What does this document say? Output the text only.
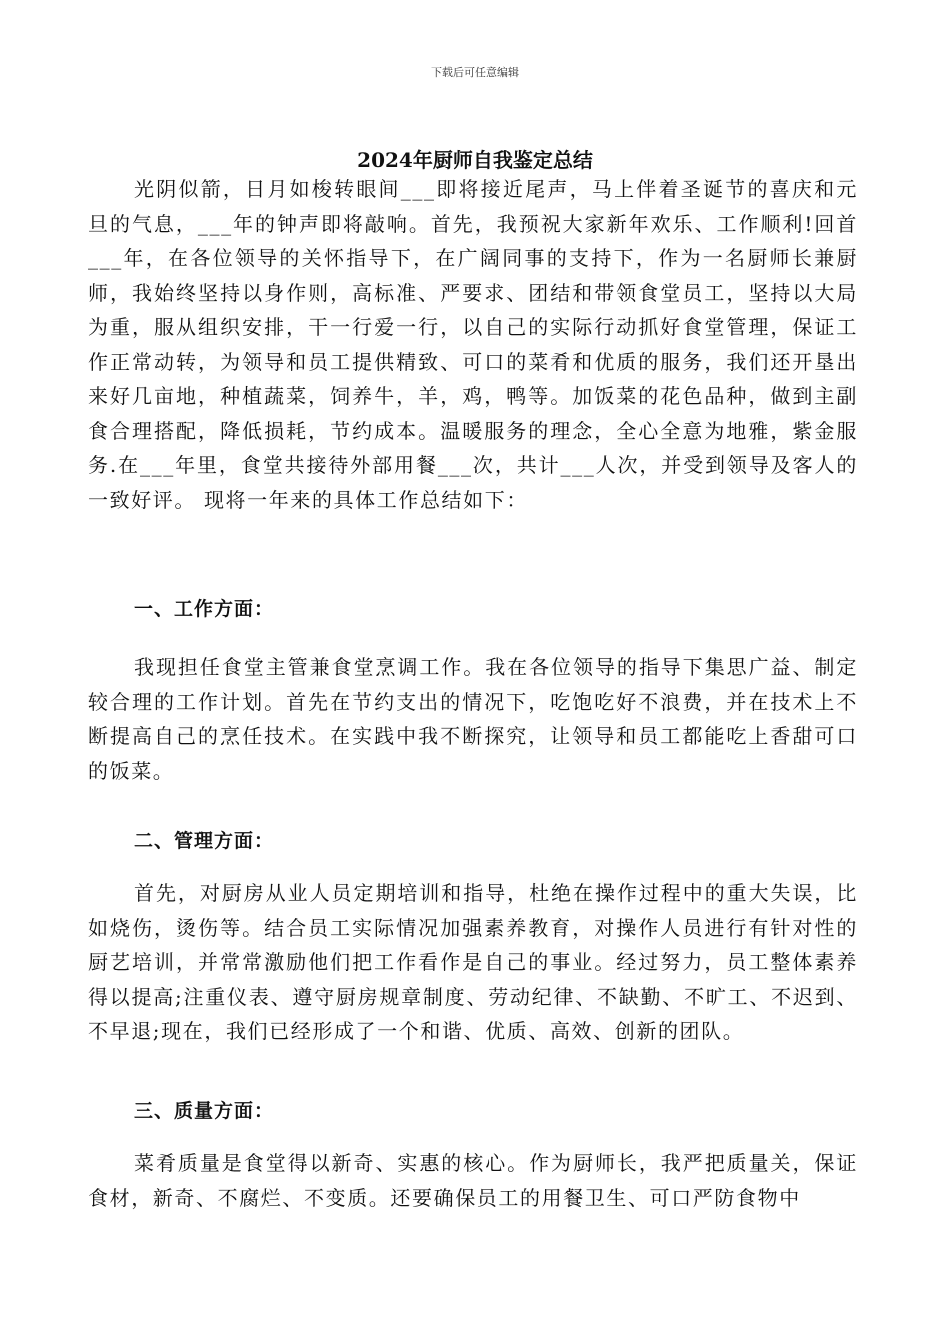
下载后可任意编辑
2024年厨师自我鉴定总结

光阴似箭，日月如梭转眼间___即将接近尾声，马上伴着圣诞节的喜庆和元旦的气息，___年的钟声即将敲响。首先，我预祝大家新年欢乐、工作顺利!回首___年，在各位领导的关怀指导下，在广阔同事的支持下，作为一名厨师长兼厨师，我始终坚持以身作则，高标准、严要求、团结和带领食堂员工，坚持以大局为重，服从组织安排，干一行爱一行，以自己的实际行动抓好食堂管理，保证工作正常动转，为领导和员工提供精致、可口的菜肴和优质的服务，我们还开垦出来好几亩地，种植蔬菜，饲养牛，羊，鸡，鸭等。加饭菜的花色品种，做到主副食合理搭配，降低损耗，节约成本。温暖服务的理念，全心全意为地雅，紫金服务.在___年里，食堂共接待外部用餐___次，共计___人次，并受到领导及客人的一致好评。 现将一年来的具体工作总结如下：

一、工作方面：

我现担任食堂主管兼食堂烹调工作。我在各位领导的指导下集思广益、制定较合理的工作计划。首先在节约支出的情况下，吃饱吃好不浪费，并在技术上不断提高自己的烹任技术。在实践中我不断探究，让领导和员工都能吃上香甜可口的饭菜。

二、管理方面：

首先，对厨房从业人员定期培训和指导，杜绝在操作过程中的重大失误，比如烧伤，烫伤等。结合员工实际情况加强素养教育，对操作人员进行有针对性的厨艺培训，并常常激励他们把工作看作是自己的事业。经过努力，员工整体素养得以提高;注重仪表、遵守厨房规章制度、劳动纪律、不缺勤、不旷工、不迟到、不早退;现在，我们已经形成了一个和谐、优质、高效、创新的团队。

三、质量方面：

菜肴质量是食堂得以新奇、实惠的核心。作为厨师长，我严把质量关，保证食材，新奇、不腐烂、不变质。还要确保员工的用餐卫生、可口严防食物中
